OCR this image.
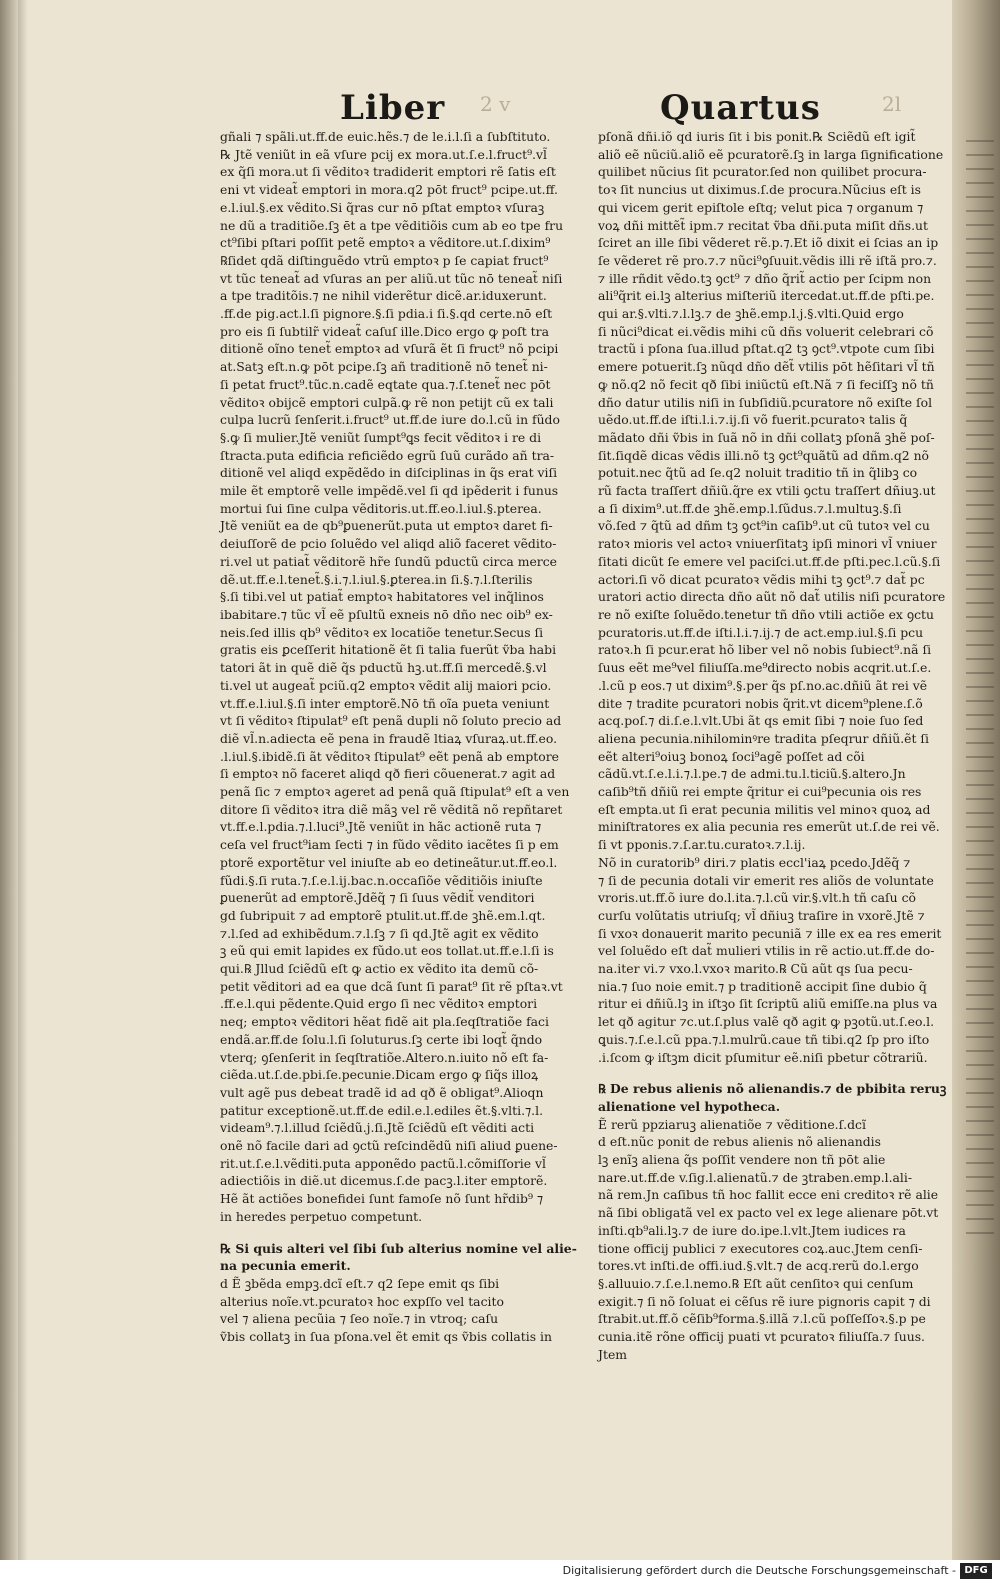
2 v	2l
Liber	Quartus
gñali ⁊ spãli.ut.ff.de euic.hẽs.⁊ de le.i.l.ſi a ſubſtituto.
℞ Jtẽ veniũt in eã vſure pcij ex mora.ut.ſ.e.l.fruct⁹.vl̃
ex q̃ſi mora.ut ſi vẽditoꝛ tradiderit emptori rẽ ſatis eſt
eni vt videat̃ emptori in mora.q2 pōt fruct⁹ pcipe.ut.ff.
e.l.iul.§.ex vẽdito.Si q̃ras cur nō pſtat emptoꝛ vſuraꝫ
ne dũ a traditiõe.ſꝫ ēt a tpe vẽditiõis cum ab eo tpe fru
ct⁹ſibi pſtari poſſit petẽ emptoꝛ a vẽditore.ut.ſ.dixim⁹
℞ſidet qdã diſtinguẽdo vtrũ emptoꝛ p ſe capiat fruct⁹
vt tũc teneat̃ ad vſuras an per aliũ.ut tũc nō teneat̃ niſi
a tpe traditõis.⁊ ne nihil viderẽtur dicẽ.ar.iduxerunt.
.ff.de pig.act.l.ſi pignore.§.ſi pdia.i ſi.§.qd certe.nō eſt
pro eis ſi ſubtilr̃ videat̃ caſuſ ille.Dico ergo ꝙ poſt tra
ditionẽ oĩno tenet̃ emptoꝛ ad vſurã ẽt ſi fruct⁹ nõ pcipi
at.Satꝫ eſt.n.ꝙ pōt pcipe.ſꝫ añ traditionẽ nō tenet̃ ni-
ſi petat fruct⁹.tũc.n.cadẽ eqtate qua.⁊.ſ.tenet̃ nec pōt
vẽditoꝛ obijcẽ emptori culpã.ꝙ rẽ non petijt cũ ex tali
culpa lucrũ ſenſerit.i.fruct⁹ ut.ff.de iure do.l.cũ in fũdo
§.ꝙ ſi mulier.Jtẽ veniũt ſumpt⁹ꝗs fecit vẽditoꝛ i re di
ſtracta.puta edificia reficiẽdo egrũ ſuũ curãdo añ tra-
ditionẽ vel aliqd expẽdẽdo in diſciplinas in q̃s erat viſi
mile ẽt emptorẽ velle impẽdẽ.vel ſi qd ipẽderit i funus
mortui ſui ſine culpa vẽditoris.ut.ff.eo.l.iul.§.pterea.
Jtẽ veniũt ea de qb⁹ꝑuenerũt.puta ut emptoꝛ daret fi-
deiuſſorẽ de pcio ſoluẽdo vel aliqd aliõ faceret vẽdito-
ri.vel ut patiat̃ vẽditorẽ hr̃e ſundũ pductũ circa merce
dẽ.ut.ff.e.l.tenet̃.§.i.⁊.l.iul.§.ꝑterea.in ſi.§.⁊.l.ſterilis
§.ſi tibi.vel ut patiat̃ emptoꝛ habitatores vel inq̃linos
ibabitare.⁊ tũc vl̃ eẽ pſultũ exneis nō dño nec oib⁹ ex-
neis.ſed illis qb⁹ vẽditoꝛ ex locatiõe tenetur.Secus ſi
gratis eis ꝑceſſerit hitationẽ ẽt ſi talia fuerũt ṽba habi
tatori ãt in quẽ diẽ q̃s pductũ hꝫ.ut.ff.ſi mercedẽ.§.vl
ti.vel ut augeat̃ pciũ.q2 emptoꝛ vẽdit alij maiori pcio.
vt.ff.e.l.iul.§.ſi inter emptorẽ.Nō tñ oĩa pueta veniunt
vt ſi vẽditoꝛ ſtipulat⁹ eſt penã dupli nõ ſoluto precio ad
diẽ vl̃.n.adiecta eẽ pena in fraudẽ ltiaꝝ vſuraꝝ.ut.ff.eo.
.l.iul.§.ibidẽ.ſi ãt vẽditoꝛ ſtipulat⁹ eẽt penã ab emptore
ſi emptoꝛ nõ faceret aliqd qð fieri cõuenerat.⁊ agit ad
penã ſic ⁊ emptoꝛ ageret ad penã quã ſtipulat⁹ eſt a ven
ditore ſi vẽditoꝛ itra diẽ mãꝫ vel rẽ vẽditã nõ repñtaret
vt.ff.e.l.pdia.⁊.l.luci⁹.Jtẽ veniũt in hãc actionẽ ruta ⁊
ceſa vel fruct⁹iam ſecti ⁊ in fũdo vẽdito iacẽtes ſi p em
ptorẽ exportẽtur vel iniuſte ab eo detineãtur.ut.ff.eo.l.
fũdi.§.ſi ruta.⁊.ſ.e.l.ij.bac.n.occaſiõe vẽditiõis iniuſte
ꝑuenerũt ad emptorẽ.Jdẽq̃ ⁊ ſi ſuus vẽdit̃ venditori
gd ſubripuit ⁊ ad emptorẽ ptulit.ut.ff.de ꝫhẽ.em.l.qt.
⁊.l.ſed ad exhibẽdum.⁊.l.ſꝫ ⁊ ſi qd.Jtẽ agit ex vẽdito
ꝫ eũ qui emit lapides ex fũdo.ut eos tollat.ut.ff.e.l.ſi is
qui.℞ Jllud ſciẽdũ eſt ꝙ actio ex vẽdito ita demũ cõ-
petit vẽditori ad ea que dcã ſunt ſi parat⁹ ſit rẽ pſtaꝛ.vt
.ff.e.l.qui pẽdente.Quid ergo ſi nec vẽditoꝛ emptori
neq; emptoꝛ vẽditori hẽat fidẽ ait pla.ſeqſtratiõe faci
endã.ar.ff.de ſolu.l.ſi ſoluturus.ſꝫ certe ibi loqt̃ q̃ndo
vterq; ꝯſenſerit in ſeqſtratiõe.Altero.n.iuito nõ eſt fa-
ciẽda.ut.ſ.de.pbi.ſe.pecunie.Dicam ergo ꝙ ſiq̃s illoꝝ
vult agẽ pus debeat tradẽ id ad qð ẽ obligat⁹.Alioqn
patitur exceptionẽ.ut.ff.de edil.e.l.ediles ẽt.§.vlti.⁊.l.
videam⁹.⁊.l.illud ſciẽdũ.j.ſi.Jtẽ ſciẽdũ eſt vẽditi acti
onẽ nõ facile dari ad ꝯctũ reſcindẽdũ niſi aliud ꝑuene-
rit.ut.ſ.e.l.vẽditi.puta apponẽdo pactũ.l.cõmiſſorie vl̃
adiectiõis in diẽ.ut dicemus.ſ.de pacꝫ.l.iter emptorẽ.
Hẽ ãt actiões bonefidei ſunt famoſe nõ ſunt hr̃dib⁹ ⁊
in heredes perpetuo competunt.
℞ Si quis alteri vel ſibi ſub alterius nomine vel alie-
na pecunia emerit.
d Ẽ ꝫbẽda empꝫ.dcĩ eſt.⁊ q2 ſepe emit qs ſibi
alterius noĩe.vt.pcuratoꝛ hoc expſſo vel tacito
vel ⁊ aliena pecũia ⁊ ſeo noĩe.⁊ in vtroq; caſu
ṽbis collatꝫ in ſua pſona.vel ẽt emit qs ṽbis collatis in
pſonã dñi.iõ qd iuris ſit i bis ponit.℞ Sciẽdũ eſt igit̃
aliõ eẽ nũciũ.aliõ eẽ pcuratorẽ.ſꝫ in larga ſignificatione
quilibet nũcius ſit pcurator.ſed non quilibet procura-
toꝛ ſit nuncius ut diximus.ſ.de procura.Nũcius eſt is
qui vicem gerit epiſtole eſtq; velut pica ⁊ organum ⁊
voꝝ dñi mittẽt̃ ipm.⁊ recitat ṽba dñi.puta miſit dñs.ut
ſciret an ille ſibi vẽderet rẽ.p.⁊.Et iõ dixit ei ſcias an ip
ſe vẽderet rẽ pro.⁊.⁊ nũci⁹ꝯſuuit.vẽdis illi rẽ iſtã pro.⁊.
⁊ ille rñdit vẽdo.tꝫ ꝯct⁹ ⁊ dño q̃rit̃ actio per ſcipm non
ali⁹q̃rit ei.lꝫ alterius miſteriũ itercedat.ut.ff.de pſti.pe.
qui ar.§.vlti.⁊.l.lꝫ.⁊ de ꝫhẽ.emp.l.j.§.vlti.Quid ergo
ſi nũci⁹dicat ei.vẽdis mihi cũ dñs voluerit celebrari cõ
tractũ i pſona ſua.illud pſtat.q2 tꝫ ꝯct⁹.vtpote cum ſibi
emere potuerit.ſꝫ nũqd dño dẽt̃ vtilis pōt hẽſitari vl̃ tñ
ꝙ nõ.q2 nõ fecit qð ſibi iniũctũ eſt.Nã ⁊ ſi feciſſꝫ nõ tñ
dño datur utilis niſi in ſubſidiũ.pcuratore nõ exiſte ſol
uẽdo.ut.ff.de iſti.l.i.⁊.ij.ſi võ fuerit.pcuratoꝛ talis q̃
mãdato dñi ṽbis in ſuã nõ in dñi collatꝫ pſonã ꝫhẽ poſ-
ſit.ſiqdẽ dicas vẽdis illi.nõ tꝫ ꝯct⁹quãtũ ad dñm.q2 nõ
potuit.nec q̃tũ ad ſe.q2 noluit traditio tñ in q̃libꝫ co
rũ facta traſſert dñiũ.q̃re ex vtili ꝯctu traſſert dñiuꝫ.ut
a ſi dixim⁹.ut.ff.de ꝫhẽ.emp.l.ſũdus.⁊.l.multuꝫ.§.ſi
võ.ſed ⁊ q̃tũ ad dñm tꝫ ꝯct⁹in caſib⁹.ut cũ tutoꝛ vel cu
ratoꝛ mioris vel actoꝛ vniuerſitatꝫ ipſi minori vl̃ vniuer
ſitati dicũt ſe emere vel paciſci.ut.ff.de pſti.pec.l.cũ.§.ſi
actori.ſi võ dicat pcuratoꝛ vẽdis mihi tꝫ ꝯct⁹.⁊ dat̃ pc
uratori actio directa dño aũt nõ dat̃ utilis niſi pcuratore
re nõ exiſte ſoluẽdo.tenetur tñ dño vtili actiõe ex ꝯctu
pcuratoris.ut.ff.de iſti.l.i.⁊.ij.⁊ de act.emp.iul.§.ſi pcu
ratoꝛ.h ſi pcur.erat hõ liber vel nõ nobis ſubiect⁹.nã ſi
ſuus eẽt me⁹vel filiuſſa.me⁹directo nobis acqrit.ut.ſ.e.
.l.cũ p eos.⁊ ut dixim⁹.§.per q̃s pſ.no.ac.dñiũ ãt rei vẽ
dite ⁊ tradite pcuratori nobis q̃rit.vt dicem⁹plene.ſ.õ
acq.poſ.⁊ di.ſ.e.l.vlt.Ubi ãt qs emit ſibi ⁊ noie ſuo ſed
aliena pecunia.nihilominꝰre tradita pſeqrur dñiũ.ẽt ſi
eẽt alteri⁹oiuꝫ bonoꝝ ſoci⁹agẽ poſſet ad cõi
cãdũ.vt.ſ.e.l.i.⁊.l.pe.⁊ de admi.tu.l.ticiũ.§.altero.Jn
caſib⁹tñ dñiũ rei empte q̃ritur ei cui⁹pecunia ois res
eſt empta.ut ſi erat pecunia militis vel minoꝛ quoꝝ ad
miniſtratores ex alia pecunia res emerũt ut.ſ.de rei vẽ.
ſi vt pponis.⁊.ſ.ar.tu.curatoꝛ.⁊.l.ij.
Nõ in curatorib⁹ diri.⁊ platis eccl'iaꝝ pcedo.Jdẽq̃ ⁊
⁊ ſi de pecunia dotali vir emerit res aliõs de voluntate
vroris.ut.ff.õ iure do.l.ita.⁊.l.cũ vir.§.vlt.h tñ caſu cõ
curſu volũtatis utriuſq; vl̃ dñiuꝫ traſire in vxorẽ.Jtẽ ⁊
ſi vxoꝛ donauerit marito pecuniã ⁊ ille ex ea res emerit
vel ſoluẽdo eſt dat̃ mulieri vtilis in rẽ actio.ut.ff.de do-
na.iter vi.⁊ vxo.l.vxoꝛ marito.℞ Cũ aũt qs ſua pecu-
nia.⁊ ſuo noie emit.⁊ p traditionẽ accipit ſine dubio q̃
ritur ei dñiũ.lꝫ in iſtꝫo ſit ſcriptũ aliũ emiſſe.na plus va
let qð agitur ⁊c.ut.ſ.plus valẽ qð agit ꝙ pꝫotũ.ut.ſ.eo.l.
ꝗuis.⁊.ſ.e.l.cũ ppa.⁊.l.mulrũ.caue tñ tibi.q2 ſp pro iſto
.i.ſcom ꝙ iſtꝫm dicit pſumitur eẽ.niſi pbetur cõtrariũ.
℞ De rebus alienis nõ alienandis.⁊ de pbibita reruꝫ
alienatione vel hypotheca.
Ẽ rerũ ppziaruꝫ alienatiõe ⁊ vẽditione.ſ.dcĩ
d eſt.nũc ponit de rebus alienis nõ alienandis
lꝫ enĩꝫ aliena q̃s poſſit vendere non tñ pōt alie
nare.ut.ff.de v.ſig.l.alienatũ.⁊ de ꝫtraben.emp.l.ali-
nã rem.Jn caſibus tñ hoc fallit ecce eni creditoꝛ rẽ alie
nã ſibi obligatã vel ex pacto vel ex lege alienare pōt.vt
inſti.qb⁹ali.lꝫ.⁊ de iure do.ipe.l.vlt.Jtem iudices ra
tione officij publici ⁊ executores coꝝ.auc.Jtem cenſi-
tores.vt inſti.de offi.iud.§.vlt.⁊ de acq.rerũ do.l.ergo
§.alluuio.⁊.ſ.e.l.nemo.℞ Eſt aũt cenſitoꝛ qui cenſum
exigit.⁊ ſi nõ ſoluat ei cẽſus rẽ iure pignoris capit ⁊ di
ſtrabit.ut.ff.õ cẽſib⁹forma.§.illã ⁊.l.cũ poſſeſſoꝛ.§.p pe
cunia.itẽ rõne officij puati vt pcuratoꝛ filiuſſa.⁊ ſuus.
Jtem
Digitalisierung gefördert durch die Deutsche Forschungsgemeinschaft - DFG
